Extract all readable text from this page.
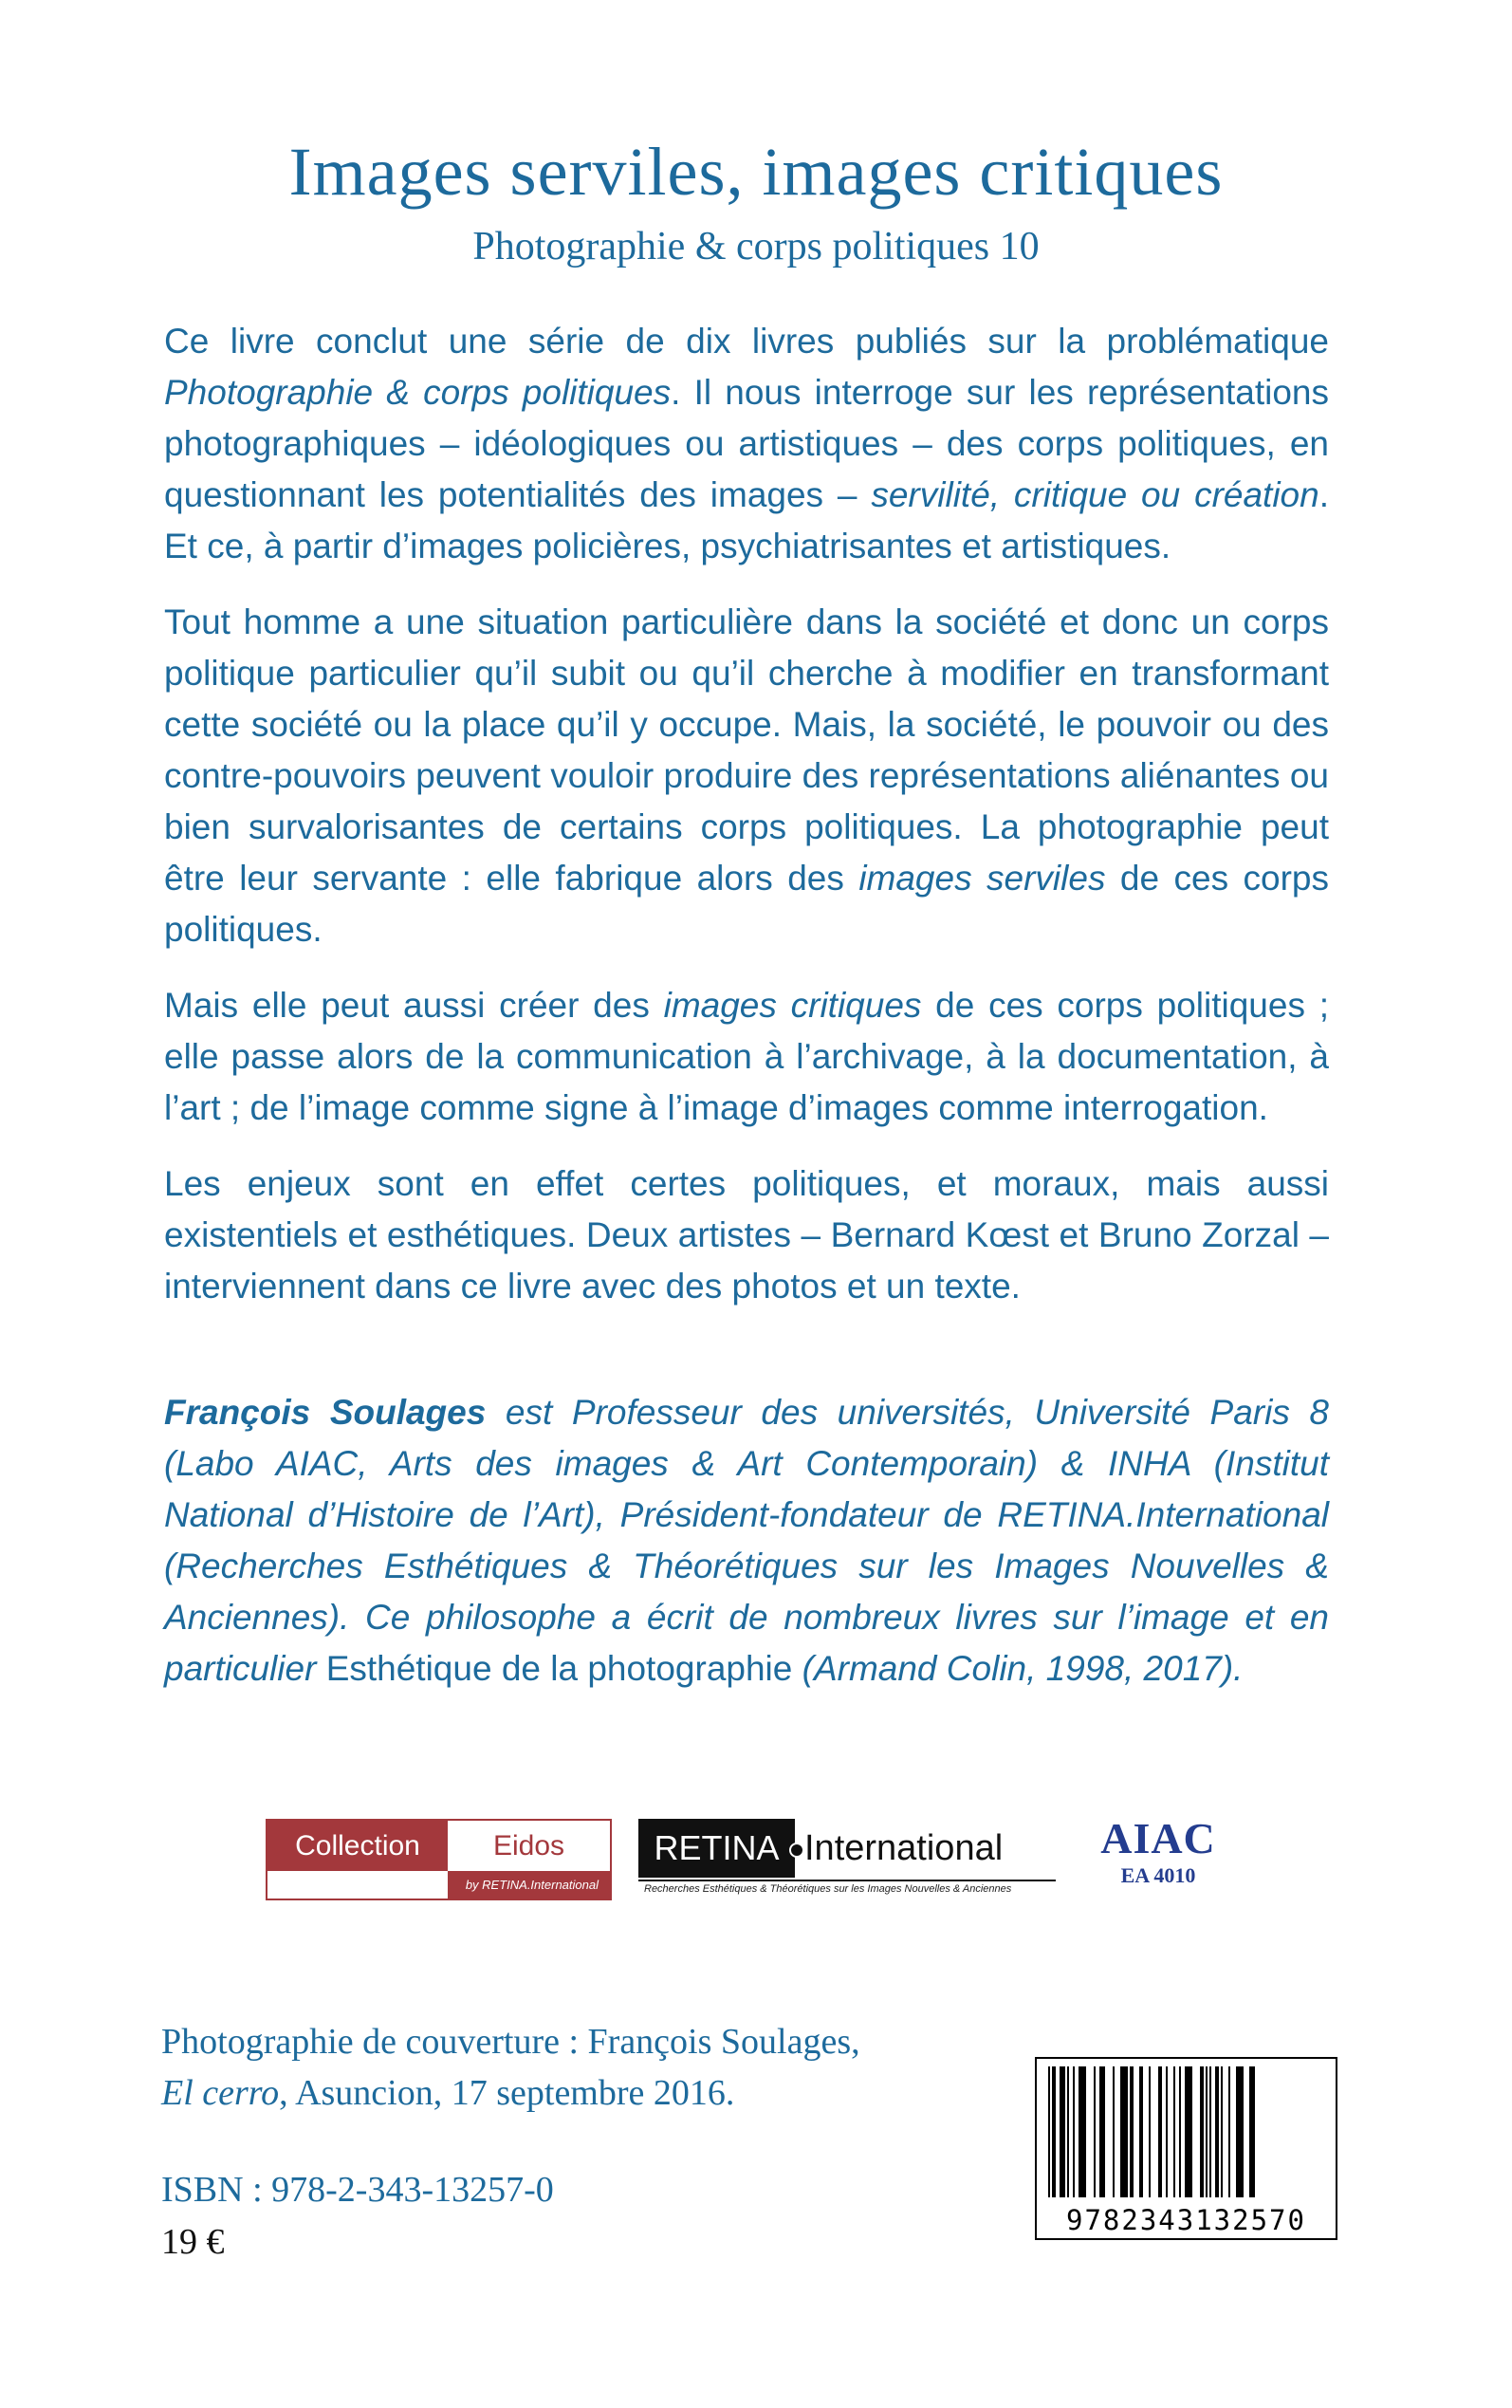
Images serviles, images critiques

Photographie & corps politiques 10

Ce livre conclut une série de dix livres publiés sur la problématique Photographie & corps politiques. Il nous interroge sur les représentations photographiques – idéologiques ou artistiques – des corps politiques, en questionnant les potentialités des images – servilité, critique ou création. Et ce, à partir d’images policières, psychiatrisantes et artistiques.

Tout homme a une situation particulière dans la société et donc un corps politique particulier qu’il subit ou qu’il cherche à modifier en transformant cette société ou la place qu’il y occupe. Mais, la société, le pouvoir ou des contre-pouvoirs peuvent vouloir produire des représentations aliénantes ou bien survalorisantes de certains corps politiques. La photographie peut être leur servante : elle fabrique alors des images serviles de ces corps politiques.

Mais elle peut aussi créer des images critiques de ces corps politiques ; elle passe alors de la communication à l’archivage, à la documentation, à l’art ; de l’image comme signe à l’image d’images comme interrogation.

Les enjeux sont en effet certes politiques, et moraux, mais aussi existentiels et esthétiques. Deux artistes – Bernard Kœst et Bruno Zorzal – interviennent dans ce livre avec des photos et un texte.

François Soulages est Professeur des universités, Université Paris 8 (Labo AIAC, Arts des images & Art Contemporain) & INHA (Institut National d’Histoire de l’Art), Président-fondateur de RETINA.International (Recherches Esthétiques & Théorétiques sur les Images Nouvelles & Anciennes). Ce philosophe a écrit de nombreux livres sur l’image et en particulier Esthétique de la photographie (Armand Colin, 1998, 2017).

Collection	Eidos
by RETINA.International
RETINA International
Recherches Esthétiques & Théorétiques sur les Images Nouvelles & Anciennes
AIAC
EA 4010

Photographie de couverture : François Soulages,
El cerro, Asuncion, 17 septembre 2016.

ISBN : 978-2-343-13257-0

19 €

9782343132570
